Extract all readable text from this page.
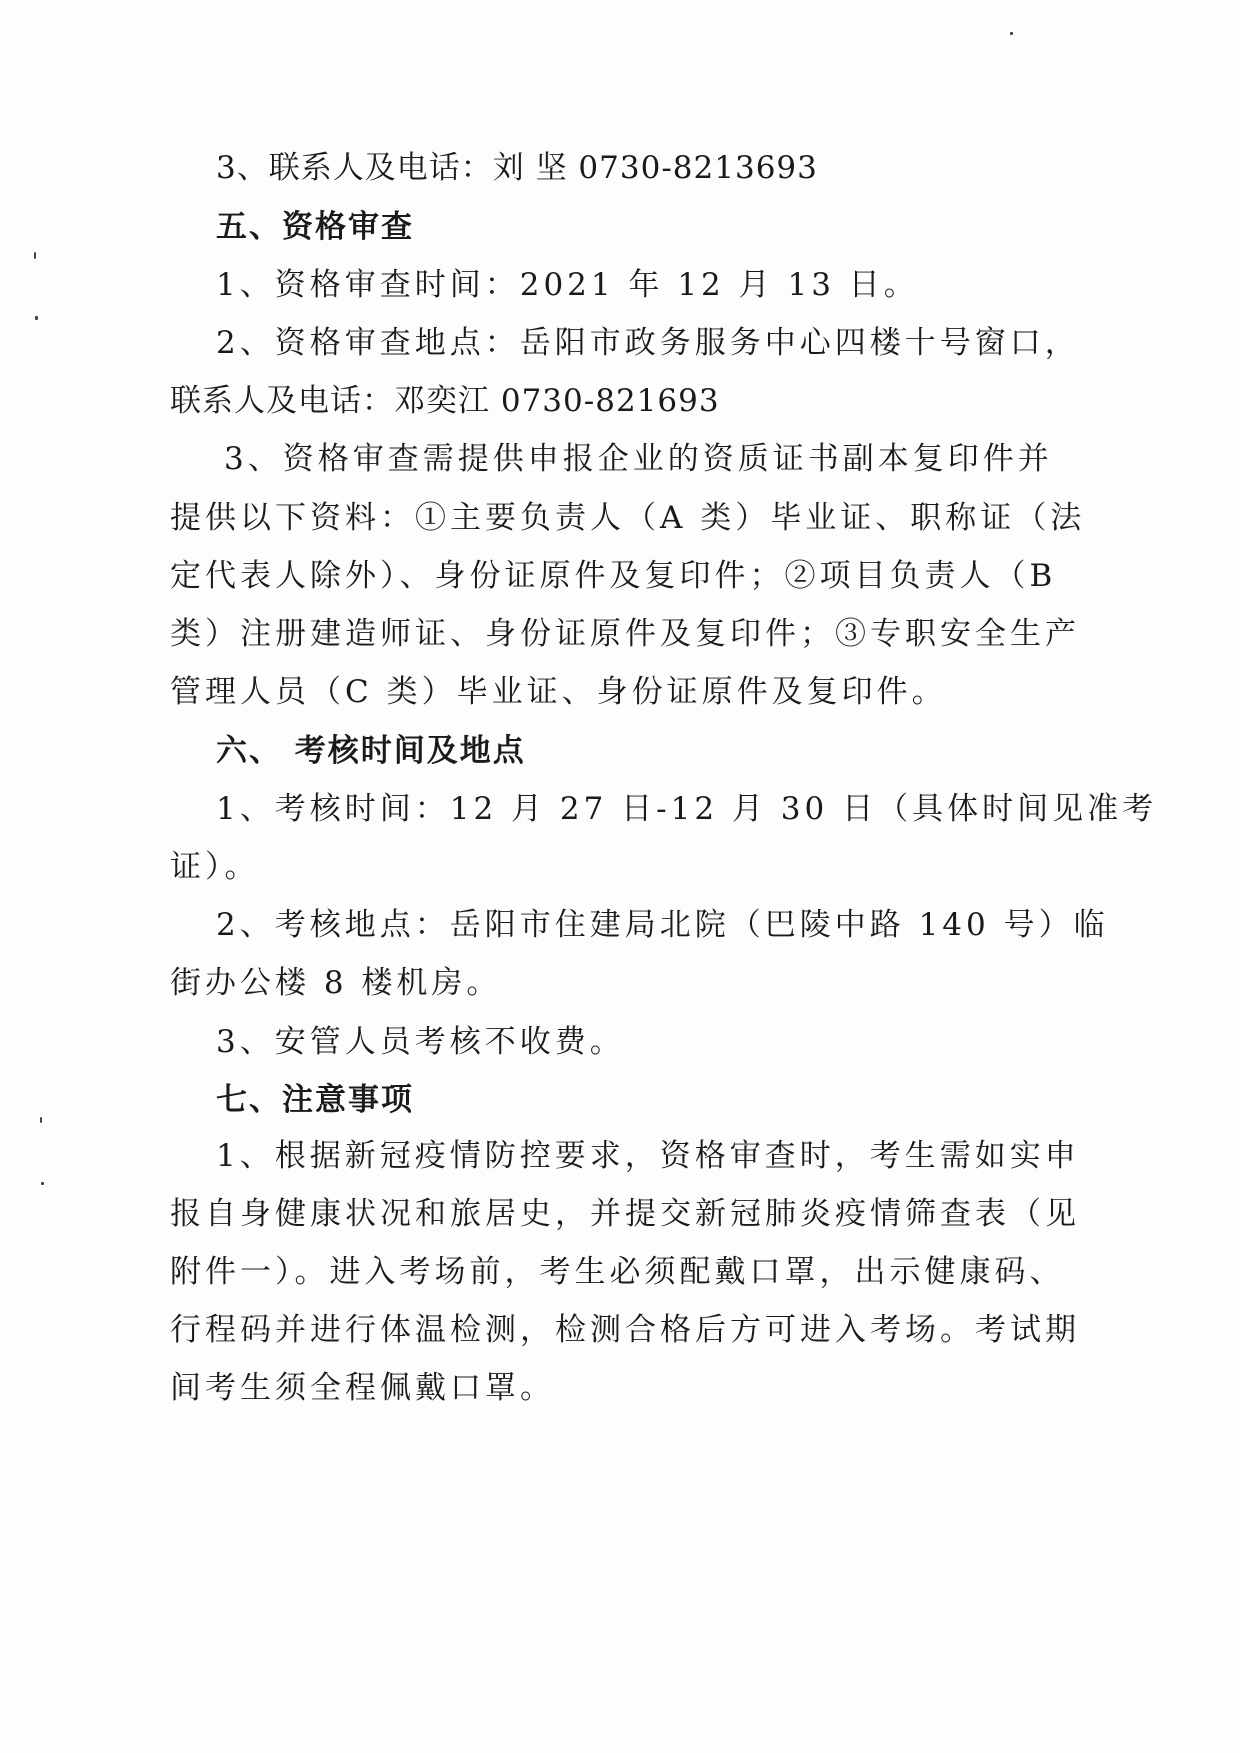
3、联系人及电话：刘 坚 0730-8213693
五、资格审查
1、资格审查时间：2021 年 12 月 13 日。
2、资格审查地点：岳阳市政务服务中心四楼十号窗口，
联系人及电话：邓奕江 0730-821693
3、资格审查需提供申报企业的资质证书副本复印件并
提供以下资料：①主要负责人（A 类）毕业证、职称证（法
定代表人除外）、身份证原件及复印件；②项目负责人（B
类）注册建造师证、身份证原件及复印件；③专职安全生产
管理人员（C 类）毕业证、身份证原件及复印件。
六、 考核时间及地点
1、考核时间：12 月 27 日-12 月 30 日（具体时间见准考
证）。
2、考核地点：岳阳市住建局北院（巴陵中路 140 号）临
街办公楼 8 楼机房。
3、安管人员考核不收费。
七、注意事项
1、根据新冠疫情防控要求，资格审查时，考生需如实申
报自身健康状况和旅居史，并提交新冠肺炎疫情筛查表（见
附件一）。进入考场前，考生必须配戴口罩，出示健康码、
行程码并进行体温检测，检测合格后方可进入考场。考试期
间考生须全程佩戴口罩。
